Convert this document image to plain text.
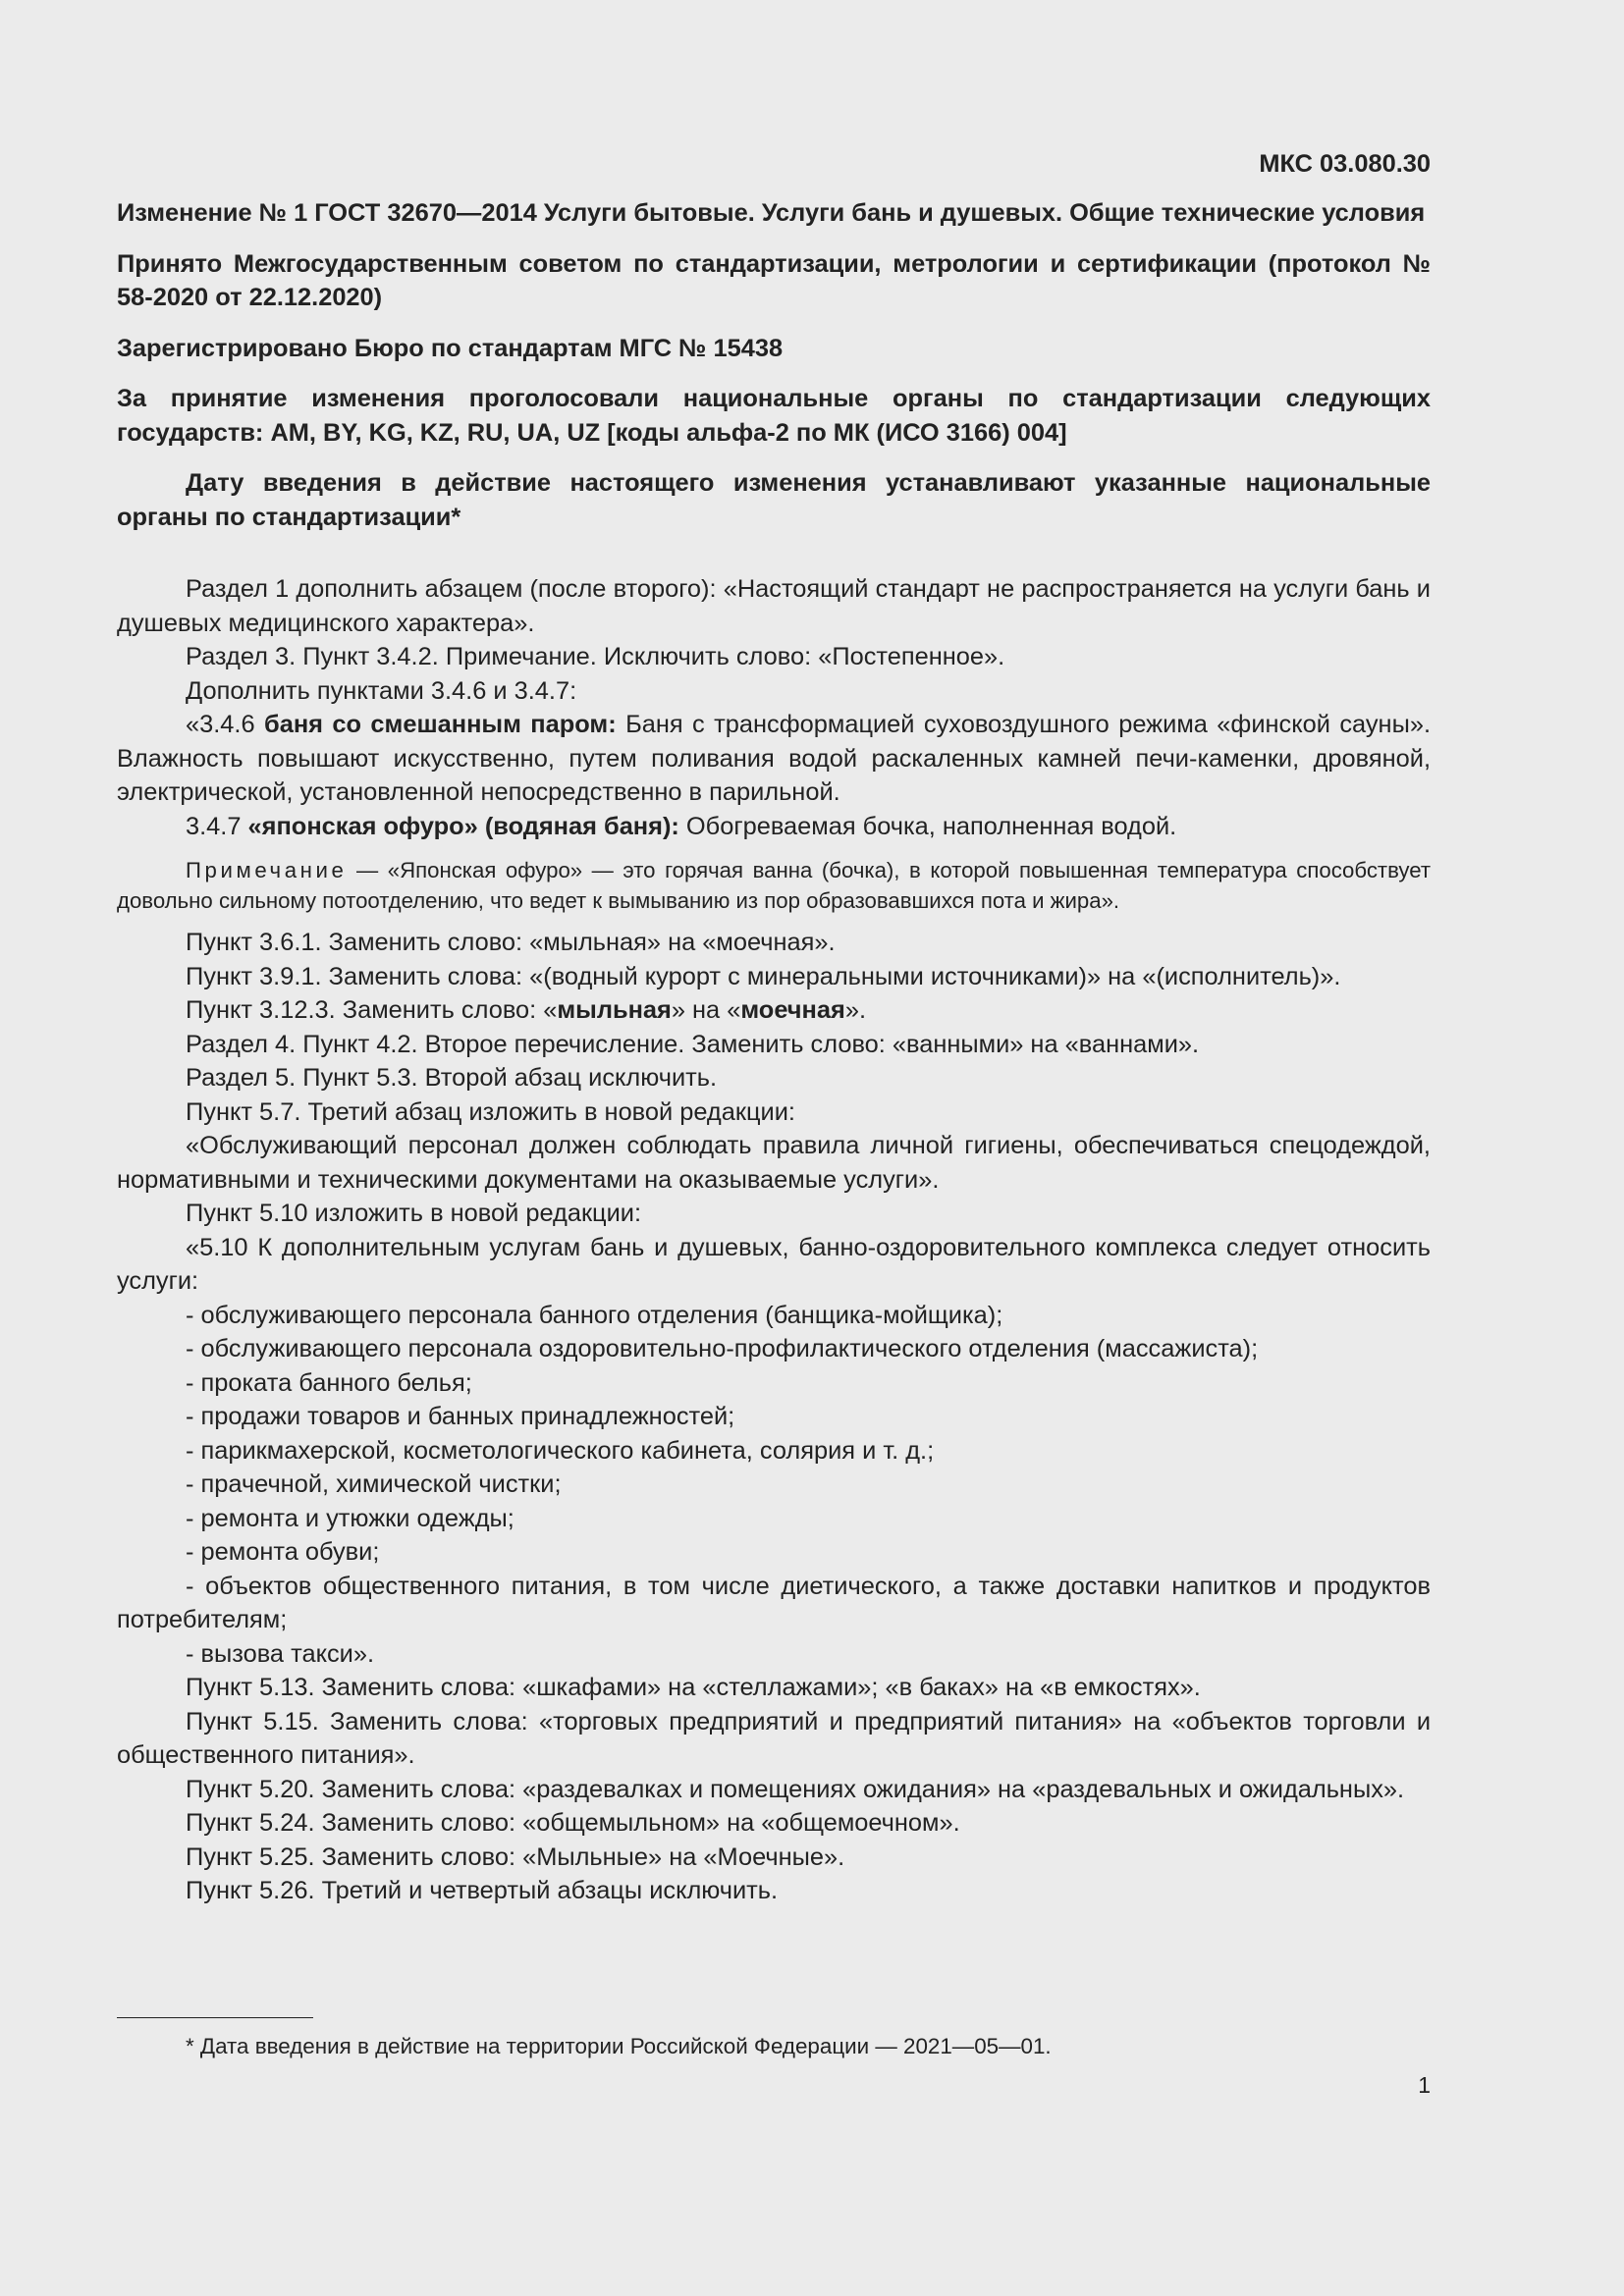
МКС 03.080.30

Изменение № 1 ГОСТ 32670—2014 Услуги бытовые. Услуги бань и душевых. Общие технические условия

Принято Межгосударственным советом по стандартизации, метрологии и сертификации (протокол № 58-2020 от 22.12.2020)

Зарегистрировано Бюро по стандартам МГС № 15438

За принятие изменения проголосовали национальные органы по стандартизации следующих государств: AM, BY, KG, KZ, RU, UA, UZ [коды альфа-2 по МК (ИСО 3166) 004]

Дату введения в действие настоящего изменения устанавливают указанные национальные органы по стандартизации*

Раздел 1 дополнить абзацем (после второго): «Настоящий стандарт не распространяется на услуги бань и душевых медицинского характера».

Раздел 3. Пункт 3.4.2. Примечание. Исключить слово: «Постепенное».

Дополнить пунктами 3.4.6 и 3.4.7:

«3.4.6 баня со смешанным паром: Баня с трансформацией суховоздушного режима «финской сауны». Влажность повышают искусственно, путем поливания водой раскаленных камней печи-каменки, дровяной, электрической, установленной непосредственно в парильной.

3.4.7 «японская офуро» (водяная баня): Обогреваемая бочка, наполненная водой.

Примечание — «Японская офуро» — это горячая ванна (бочка), в которой повышенная температура способствует довольно сильному потоотделению, что ведет к вымыванию из пор образовавшихся пота и жира».

Пункт 3.6.1. Заменить слово: «мыльная» на «моечная».

Пункт 3.9.1. Заменить слова: «(водный курорт с минеральными источниками)» на «(исполнитель)».

Пункт 3.12.3. Заменить слово: «мыльная» на «моечная».

Раздел 4. Пункт 4.2. Второе перечисление. Заменить слово: «ванными» на «ваннами».

Раздел 5. Пункт 5.3. Второй абзац исключить.

Пункт 5.7. Третий абзац изложить в новой редакции:

«Обслуживающий персонал должен соблюдать правила личной гигиены, обеспечиваться спецодеждой, нормативными и техническими документами на оказываемые услуги».

Пункт 5.10 изложить в новой редакции:

«5.10 К дополнительным услугам бань и душевых, банно-оздоровительного комплекса следует относить услуги:

- обслуживающего персонала банного отделения (банщика-мойщика);

- обслуживающего персонала оздоровительно-профилактического отделения (массажиста);

- проката банного белья;

- продажи товаров и банных принадлежностей;

- парикмахерской, косметологического кабинета, солярия и т. д.;

- прачечной, химической чистки;

- ремонта и утюжки одежды;

- ремонта обуви;

- объектов общественного питания, в том числе диетического, а также доставки напитков и продуктов потребителям;

- вызова такси».

Пункт 5.13. Заменить слова: «шкафами» на «стеллажами»; «в баках» на «в емкостях».

Пункт 5.15. Заменить слова: «торговых предприятий и предприятий питания» на «объектов торговли и общественного питания».

Пункт 5.20. Заменить слова: «раздевалках и помещениях ожидания» на «раздевальных и ожидальных».

Пункт 5.24. Заменить слово: «общемыльном» на «общемоечном».

Пункт 5.25. Заменить слово: «Мыльные» на «Моечные».

Пункт 5.26. Третий и четвертый абзацы исключить.

* Дата введения в действие на территории Российской Федерации — 2021—05—01.
1
